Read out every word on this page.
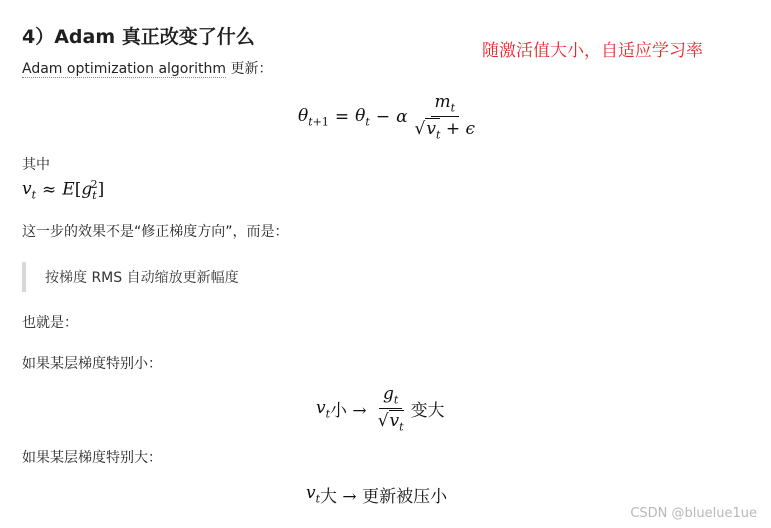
4）Adam 真正改变了什么
随激活值大小，自适应学习率
Adam optimization algorithm 更新：
$\theta_{t+1} = \theta_t - \alpha \frac{m_t}{√v_t + \epsilon}$
其中
$v_t \approx E[g_t^2]$
这一步的效果不是“修正梯度方向”，而是：
按梯度 RMS 自动缩放更新幅度
也就是：
如果某层梯度特别小：
$v_t$ 小 → $\frac{g_t}{√v_t}$ 变大
如果某层梯度特别大：
$v_t$ 大 → 更新被压小
CSDN @bluelue1ue
